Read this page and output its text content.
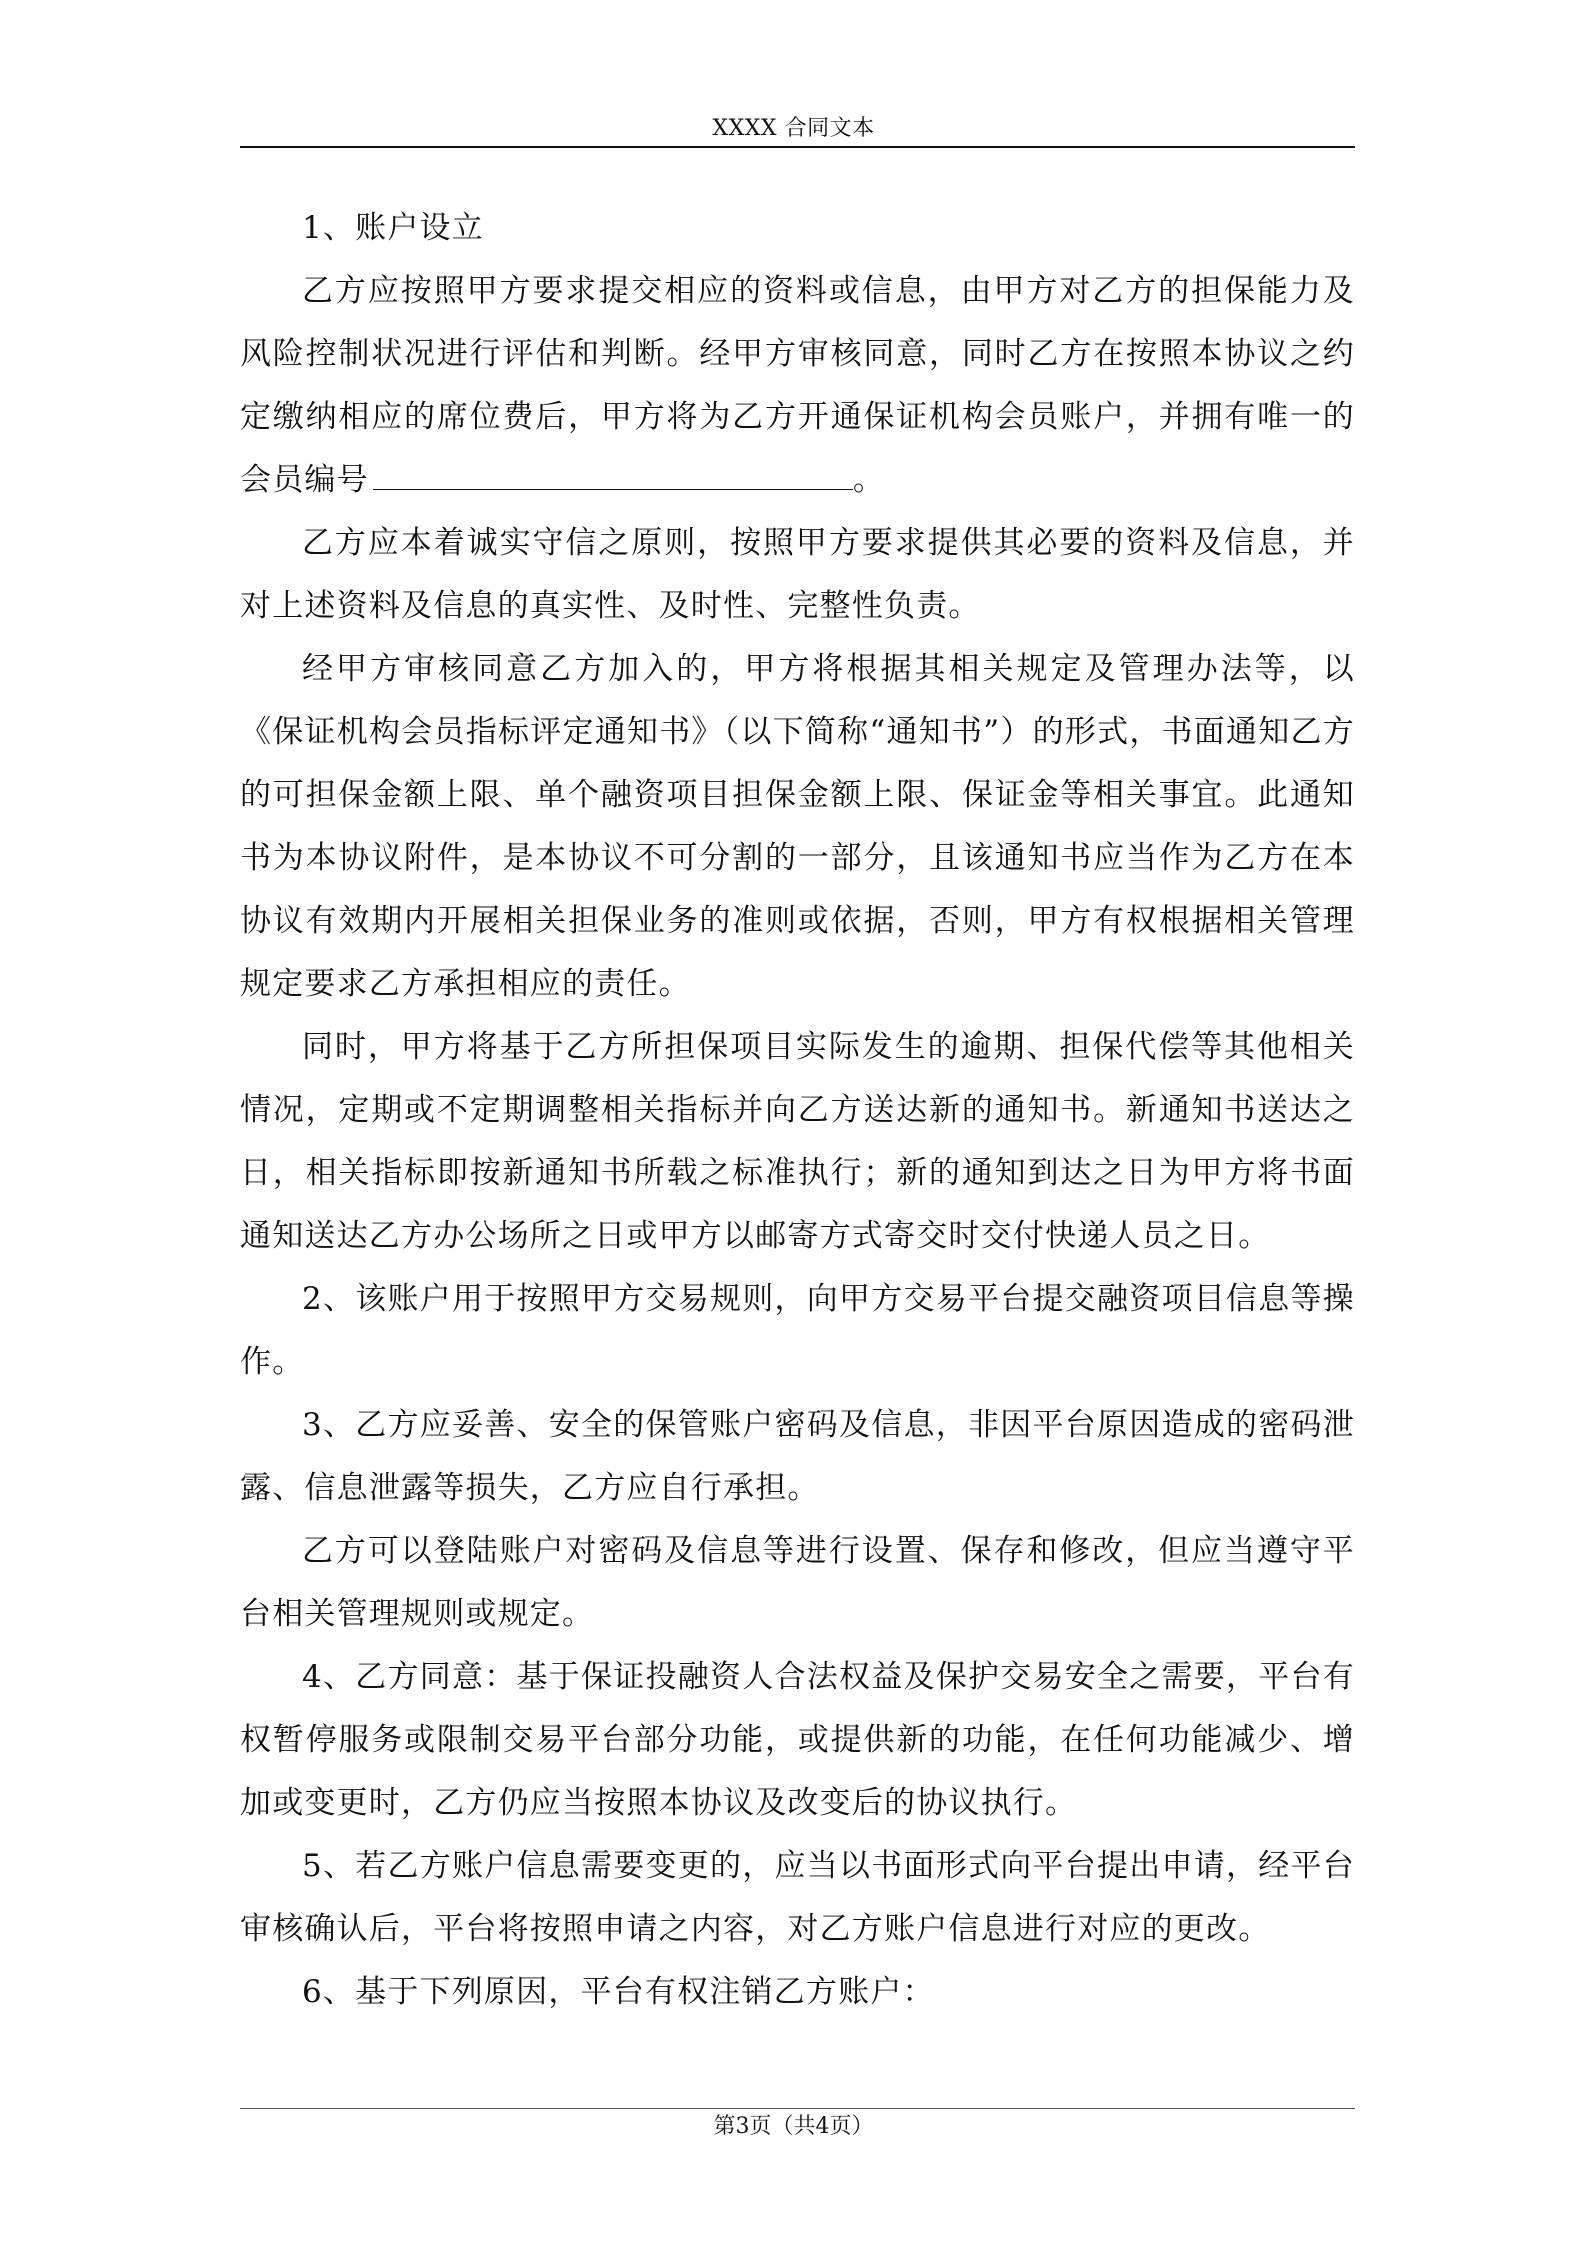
XXXX 合同文本

1、账户设立

乙方应按照甲方要求提交相应的资料或信息，由甲方对乙方的担保能力及风险控制状况进行评估和判断。经甲方审核同意，同时乙方在按照本协议之约定缴纳相应的席位费后，甲方将为乙方开通保证机构会员账户，并拥有唯一的会员编号	。

乙方应本着诚实守信之原则，按照甲方要求提供其必要的资料及信息，并对上述资料及信息的真实性、及时性、完整性负责。

经甲方审核同意乙方加入的，甲方将根据其相关规定及管理办法等，以《保证机构会员指标评定通知书》（以下简称“通知书”）的形式，书面通知乙方的可担保金额上限、单个融资项目担保金额上限、保证金等相关事宜。此通知书为本协议附件，是本协议不可分割的一部分，且该通知书应当作为乙方在本协议有效期内开展相关担保业务的准则或依据，否则，甲方有权根据相关管理规定要求乙方承担相应的责任。

同时，甲方将基于乙方所担保项目实际发生的逾期、担保代偿等其他相关情况，定期或不定期调整相关指标并向乙方送达新的通知书。新通知书送达之日，相关指标即按新通知书所载之标准执行；新的通知到达之日为甲方将书面通知送达乙方办公场所之日或甲方以邮寄方式寄交时交付快递人员之日。

2、该账户用于按照甲方交易规则，向甲方交易平台提交融资项目信息等操作。

3、乙方应妥善、安全的保管账户密码及信息，非因平台原因造成的密码泄露、信息泄露等损失，乙方应自行承担。

乙方可以登陆账户对密码及信息等进行设置、保存和修改，但应当遵守平台相关管理规则或规定。

4、乙方同意：基于保证投融资人合法权益及保护交易安全之需要，平台有权暂停服务或限制交易平台部分功能，或提供新的功能，在任何功能减少、增加或变更时，乙方仍应当按照本协议及改变后的协议执行。

5、若乙方账户信息需要变更的，应当以书面形式向平台提出申请，经平台审核确认后，平台将按照申请之内容，对乙方账户信息进行对应的更改。

6、基于下列原因，平台有权注销乙方账户：

第3页（共4页）
